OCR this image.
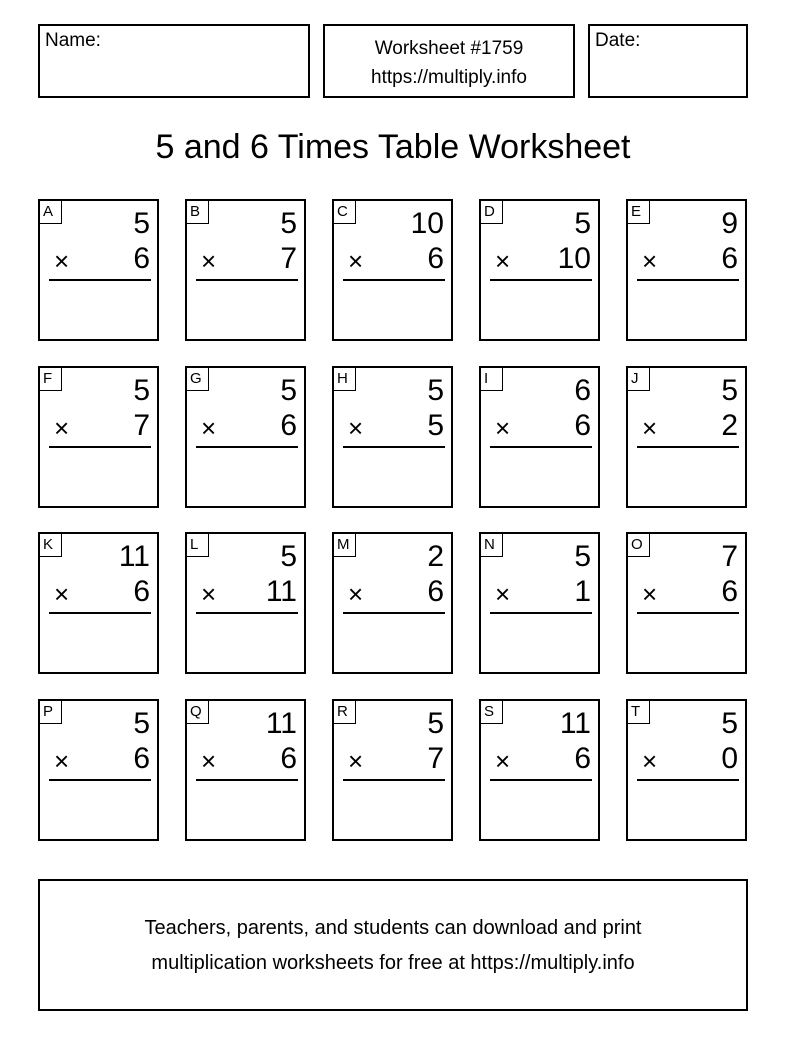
Name:	Worksheet #1759
https://multiply.info
Date:
5 and 6 Times Table Worksheet
A	5
× 6
B	5
× 7
C 10
× 6
D	5
× 10
E	9
× 6
F	5
× 7
G	5
× 6
H	5
× 5
I	6
× 6
J	5
× 2
K 11
× 6
L	5
× 11
M	2
× 6
N	5
× 1
O	7
× 6
P	5
× 6
Q 11
× 6
R	5
× 7
S 11
× 6
T	5
× 0
Teachers, parents, and students can download and print
multiplication worksheets for free at https://multiply.info
